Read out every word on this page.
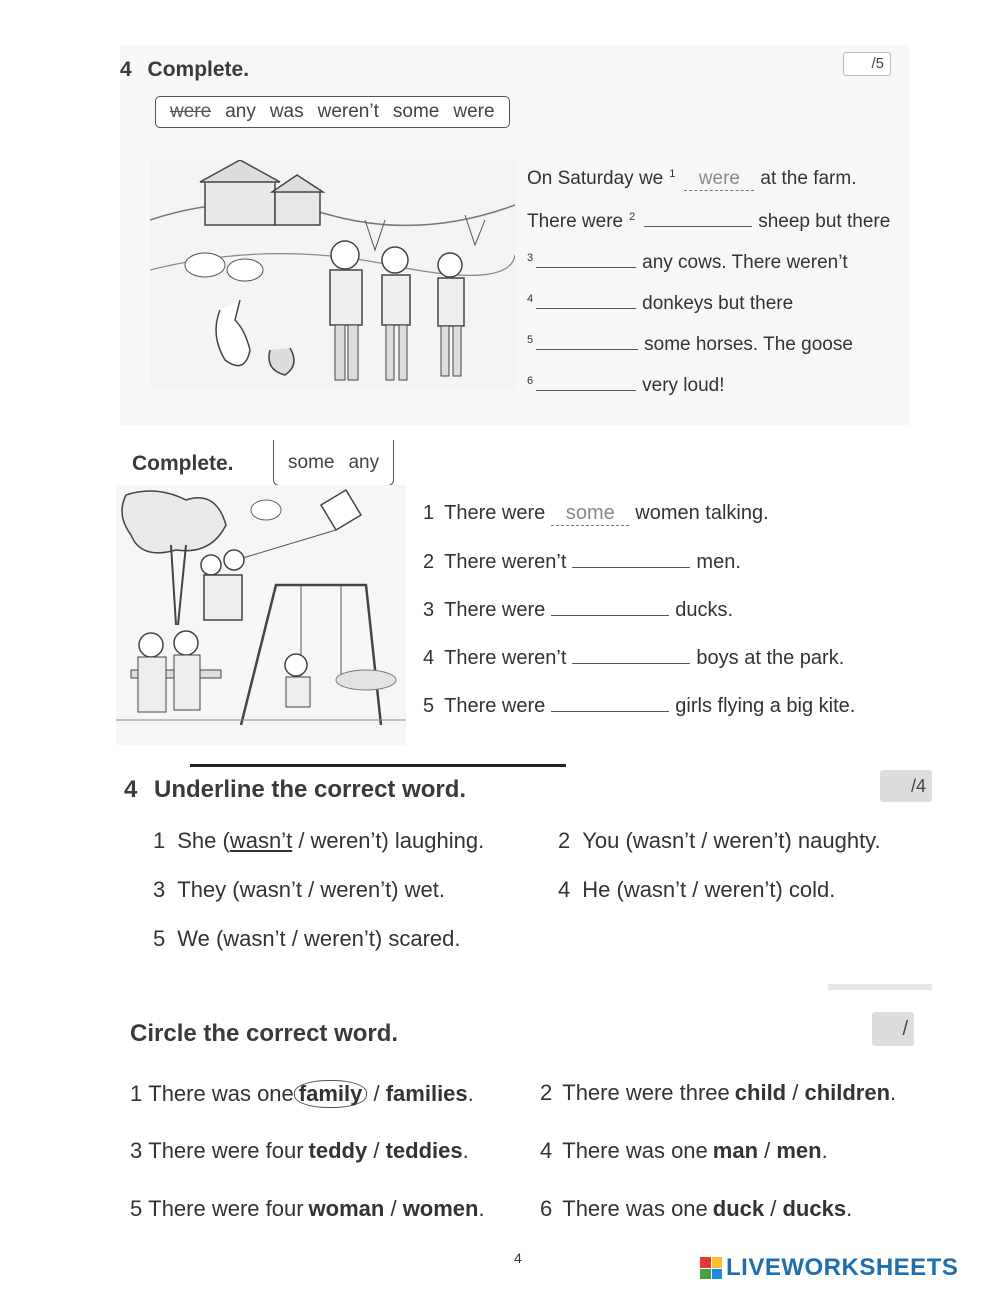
4 Complete.	/5
were any was weren’t some were
On Saturday we 1	were	at the farm.
There were 2	sheep but there
3	any cows. There weren’t
4	donkeys but there
5	some horses. The goose
6	very loud!
Complete.	some any
1 There were	some	women talking.
2 There weren’t	men.
3 There were	ducks.
4 There weren’t	boys at the park.
5 There were	girls flying a big kite.
4 Underline the correct word.	/4
1 She ( wasn’t / weren’t ) laughing.	2 You ( wasn’t / weren’t ) naughty.
3 They ( wasn’t / weren’t ) wet.	4 He ( wasn’t / weren’t ) cold.
5 We ( wasn’t / weren’t ) scared.
Circle the correct word.	/
1 There was one family / families .	2 There were three child / children .
3 There were four teddy / teddies .	4 There was one man / men .
5 There were four woman / women .	6 There was one duck / ducks .
4	LIVEWORKSHEETS
